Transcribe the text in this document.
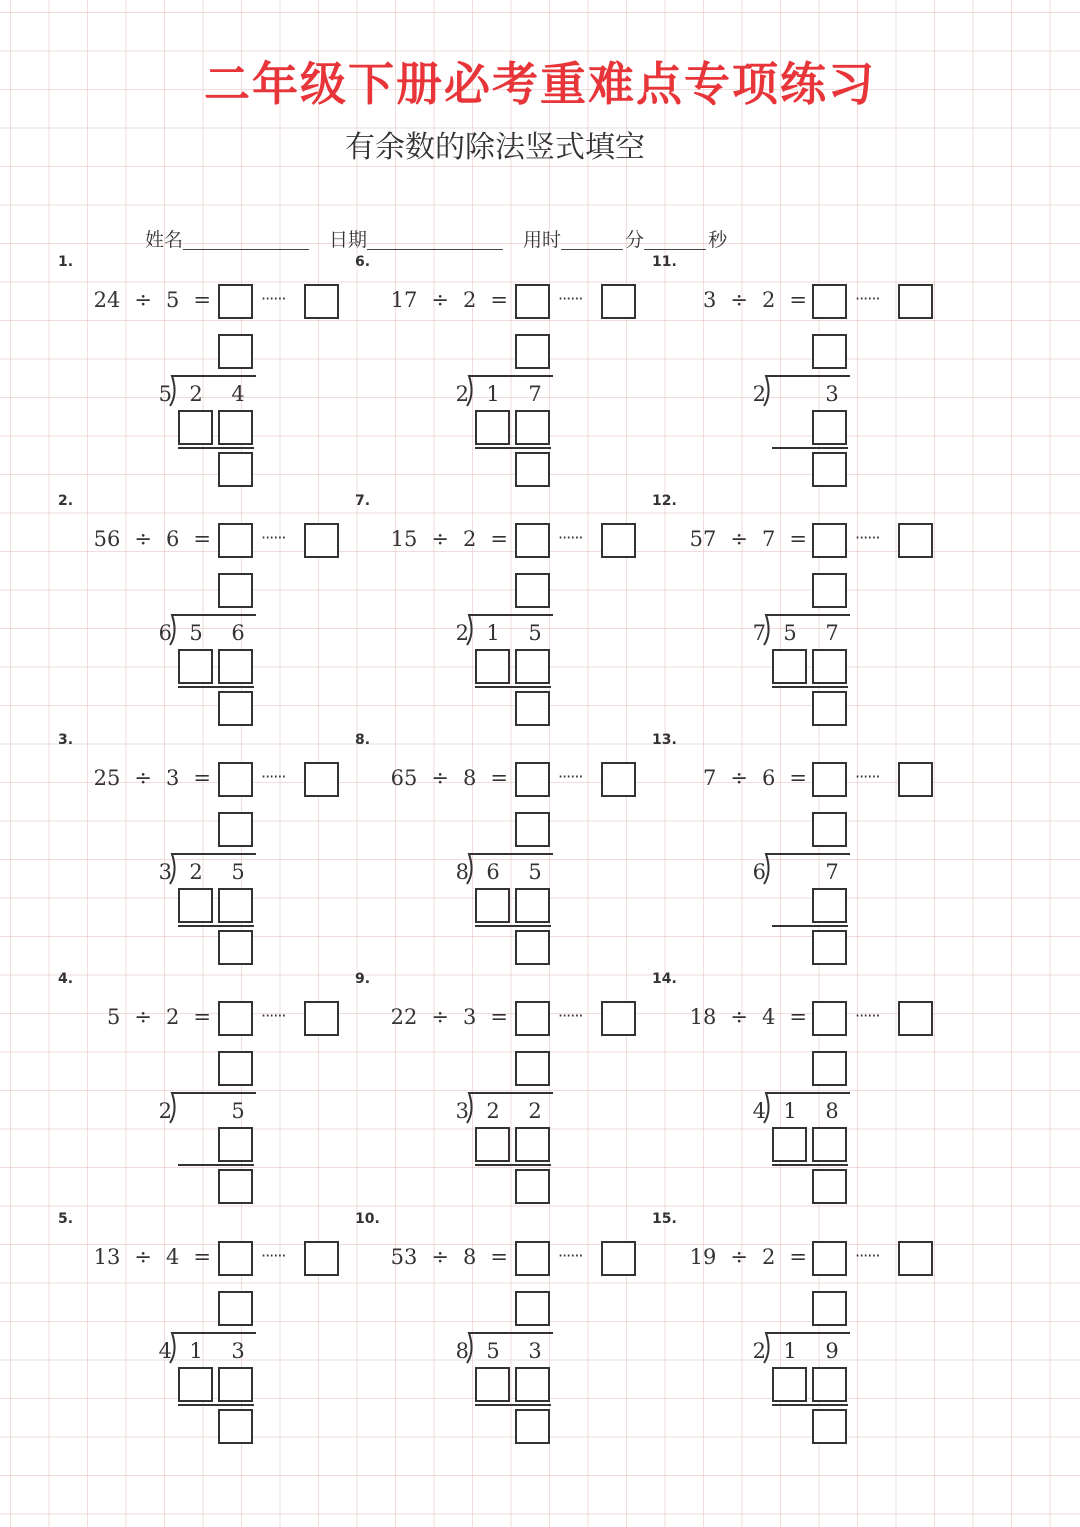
二年级下册必考重难点专项练习
有余数的除法竖式填空
姓名	日期	用时	分	秒
1.
24 ÷ 5 =	······
5 2 4
2.
56 ÷ 6 =	······
6 5 6
3.
25 ÷ 3 =	······
3 2 5
4.
5 ÷ 2 =	······
2	5
5.
13 ÷ 4 =	······
4 1 3
6.
17 ÷ 2 =	······
2 1 7
7.
15 ÷ 2 =	······
2 1 5
8.
65 ÷ 8 =	······
8 6 5
9.
22 ÷ 3 =	······
3 2 2
10.
53 ÷ 8 =	······
8 5 3
11.
3 ÷ 2 =	······
2	3
12.
57 ÷ 7 =	······
7 5 7
13.
7 ÷ 6 =	······
6	7
14.
18 ÷ 4 =	······
4 1 8
15.
19 ÷ 2 =	······
2 1 9
